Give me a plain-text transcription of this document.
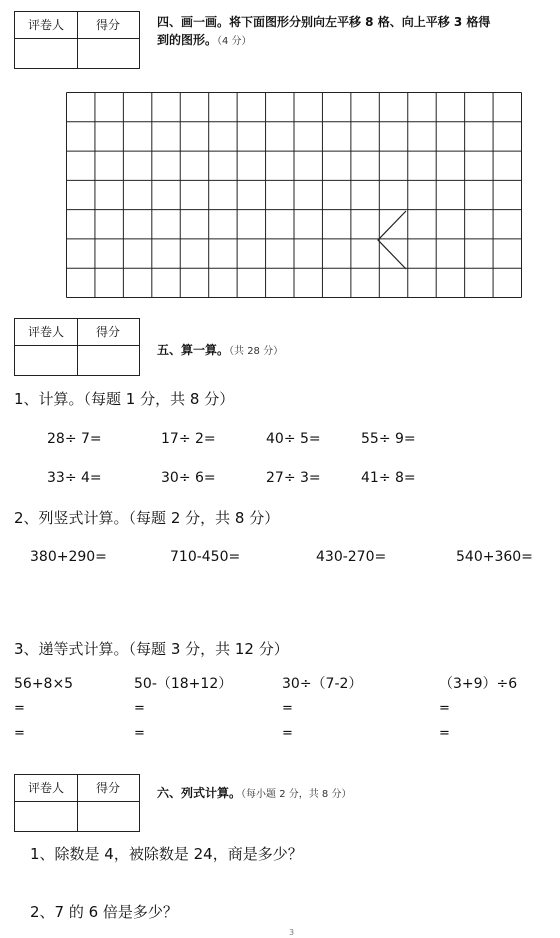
评卷人	得分	四、画一画。将下面图形分别向左平移 8 格、向上平移 3 格得
到的图形。（4 分）
评卷人	得分
五、算一算。（共 28 分）
1、计算。（每题 1 分，共 8 分）
28÷ 7=	17÷ 2=	40÷ 5=	55÷ 9=
33÷ 4=	30÷ 6=	27÷ 3=	41÷ 8=
2、列竖式计算。（每题 2 分，共 8 分）
380+290=	710-450=	430-270=	540+360=
3、递等式计算。（每题 3 分，共 12 分）
56+8×5	50-（18+12）	30÷（7-2）	（3+9）÷6
=	=	=	=
=	=	=	=
评卷人	得分	六、列式计算。（每小题 2 分，共 8 分）
1、除数是 4，被除数是 24，商是多少？
2、7 的 6 倍是多少？
3
